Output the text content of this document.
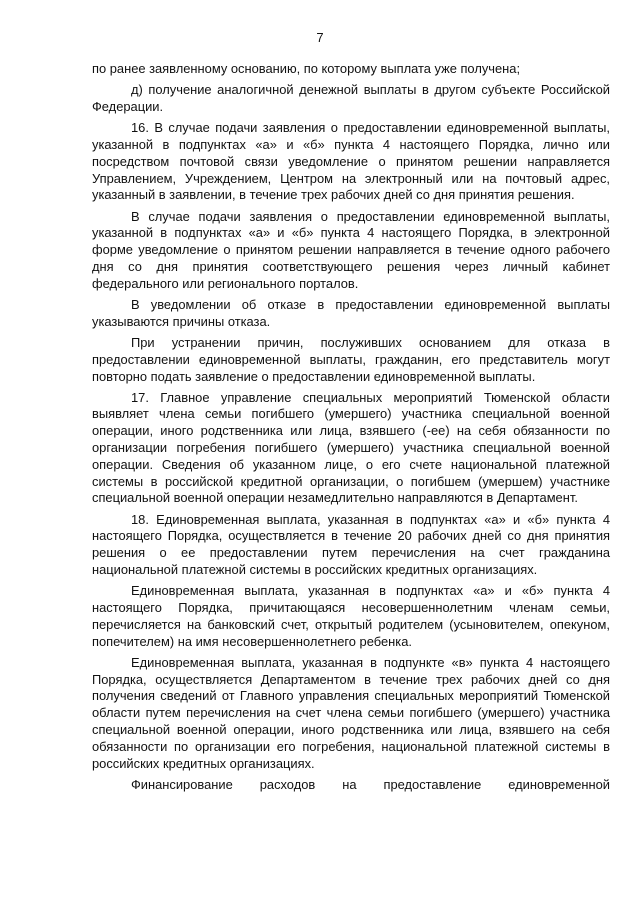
7

по ранее заявленному основанию, по которому выплата уже получена;

д) получение аналогичной денежной выплаты в другом субъекте Российской Федерации.

16. В случае подачи заявления о предоставлении единовременной выплаты, указанной в подпунктах «а» и «б» пункта 4 настоящего Порядка, лично или посредством почтовой связи уведомление о принятом решении направляется Управлением, Учреждением, Центром на электронный или на почтовый адрес, указанный в заявлении, в течение трех рабочих дней со дня принятия решения.

В случае подачи заявления о предоставлении единовременной выплаты, указанной в подпунктах «а» и «б» пункта 4 настоящего Порядка, в электронной форме уведомление о принятом решении направляется в течение одного рабочего дня со дня принятия соответствующего решения через личный кабинет федерального или регионального порталов.

В уведомлении об отказе в предоставлении единовременной выплаты указываются причины отказа.

При устранении причин, послуживших основанием для отказа в предоставлении единовременной выплаты, гражданин, его представитель могут повторно подать заявление о предоставлении единовременной выплаты.

17. Главное управление специальных мероприятий Тюменской области выявляет члена семьи погибшего (умершего) участника специальной военной операции, иного родственника или лица, взявшего (-ее) на себя обязанности по организации погребения погибшего (умершего) участника специальной военной операции. Сведения об указанном лице, о его счете национальной платежной системы в российской кредитной организации, о погибшем (умершем) участнике специальной военной операции незамедлительно направляются в Департамент.

18. Единовременная выплата, указанная в подпунктах «а» и «б» пункта 4 настоящего Порядка, осуществляется в течение 20 рабочих дней со дня принятия решения о ее предоставлении путем перечисления на счет гражданина национальной платежной системы в российских кредитных организациях.

Единовременная выплата, указанная в подпунктах «а» и «б» пункта 4 настоящего Порядка, причитающаяся несовершеннолетним членам семьи, перечисляется на банковский счет, открытый родителем (усыновителем, опекуном, попечителем) на имя несовершеннолетнего ребенка.

Единовременная выплата, указанная в подпункте «в» пункта 4 настоящего Порядка, осуществляется Департаментом в течение трех рабочих дней со дня получения сведений от Главного управления специальных мероприятий Тюменской области путем перечисления на счет члена семьи погибшего (умершего) участника специальной военной операции, иного родственника или лица, взявшего на себя обязанности по организации его погребения, национальной платежной системы в российских кредитных организациях.

Финансирование расходов на предоставление единовременной
